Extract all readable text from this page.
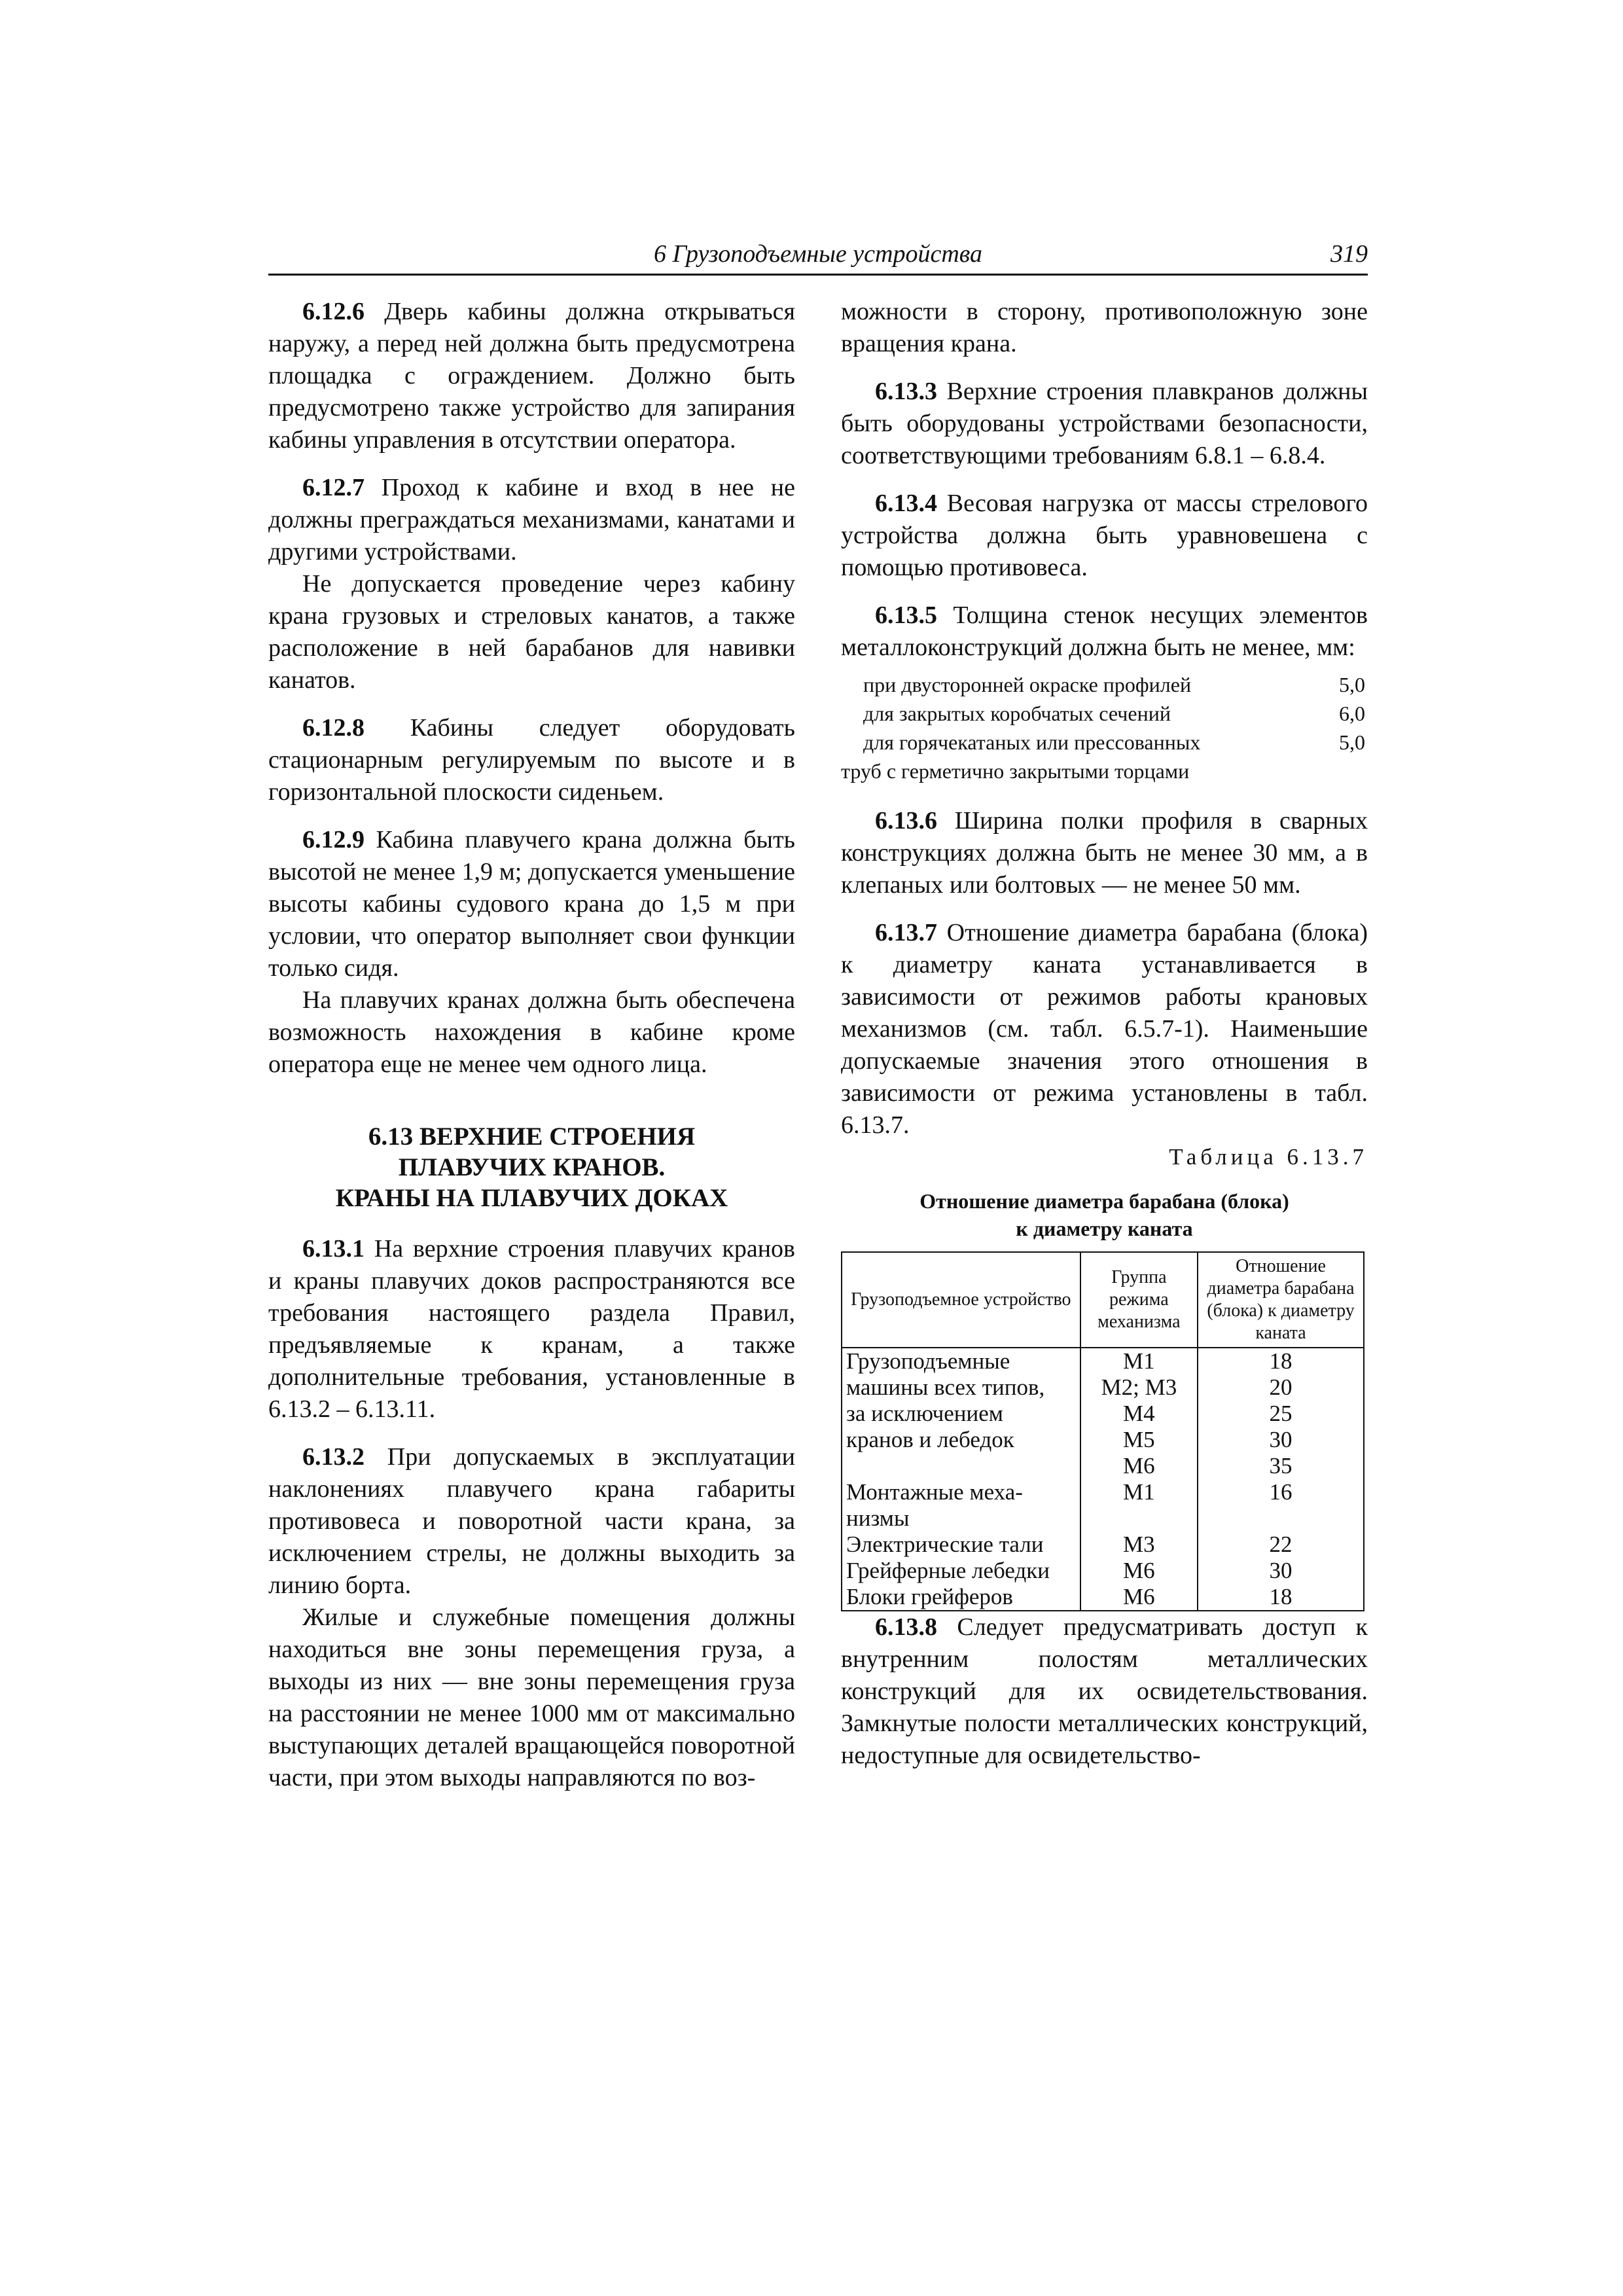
6 Грузоподъемные устройства	319

6.12.6 Дверь кабины должна открываться наружу, а перед ней должна быть предусмотрена площадка с ограждением. Должно быть предусмотрено также устройство для запирания кабины управления в отсутствии оператора.

6.12.7 Проход к кабине и вход в нее не должны преграждаться механизмами, канатами и другими устройствами.

Не допускается проведение через кабину крана грузовых и стреловых канатов, а также расположение в ней барабанов для навивки канатов.

6.12.8 Кабины следует оборудовать стационарным регулируемым по высоте и в горизонтальной плоскости сиденьем.

6.12.9 Кабина плавучего крана должна быть высотой не менее 1,9 м; допускается уменьшение высоты кабины судового крана до 1,5 м при условии, что оператор выполняет свои функции только сидя.

На плавучих кранах должна быть обеспечена возможность нахождения в кабине кроме оператора еще не менее чем одного лица.

6.13 ВЕРХНИЕ СТРОЕНИЯ
ПЛАВУЧИХ КРАНОВ.
КРАНЫ НА ПЛАВУЧИХ ДОКАХ

6.13.1 На верхние строения плавучих кранов и краны плавучих доков распространяются все требования настоящего раздела Правил, предъявляемые к кранам, а также дополнительные требования, установленные в 6.13.2 – 6.13.11.

6.13.2 При допускаемых в эксплуатации наклонениях плавучего крана габариты противовеса и поворотной части крана, за исключением стрелы, не должны выходить за линию борта.

Жилые и служебные помещения должны находиться вне зоны перемещения груза, а выходы из них — вне зоны перемещения груза на расстоянии не менее 1000 мм от максимально выступающих деталей вращающейся поворотной части, при этом выходы направляются по воз-

можности в сторону, противоположную зоне вращения крана.

6.13.3 Верхние строения плавкранов должны быть оборудованы устройствами безопасности, соответствующими требованиям 6.8.1 – 6.8.4.

6.13.4 Весовая нагрузка от массы стрелового устройства должна быть уравновешена с помощью противовеса.

6.13.5 Толщина стенок несущих элементов металлоконструкций должна быть не менее, мм:

при двусторонней окраске профилей	5,0
для закрытых коробчатых сечений	6,0
для горячекатаных или прессованных	5,0
труб с герметично закрытыми торцами

6.13.6 Ширина полки профиля в сварных конструкциях должна быть не менее 30 мм, а в клепаных или болтовых — не менее 50 мм.

6.13.7 Отношение диаметра барабана (блока) к диаметру каната устанавливается в зависимости от режимов работы крановых механизмов (см. табл. 6.5.7-1). Наименьшие допускаемые значения этого отношения в зависимости от режима установлены в табл. 6.13.7.

Таблица 6.13.7
Отношение диаметра барабана (блока)
к диаметру каната
Грузоподъемное устройство	Группа режима механизма	Отношение диаметра барабана (блока) к диаметру каната
Грузоподъемные	М1	18
машины всех типов,	М2; М3	20
за исключением	М4	25
кранов и лебедок	М5	30
	М6	35
Монтажные меха-	М1	16
низмы		
Электрические тали	М3	22
Грейферные лебедки	М6	30
Блоки грейферов	М6	18

6.13.8 Следует предусматривать доступ к внутренним полостям металлических конструкций для их освидетельствования. Замкнутые полости металлических конструкций, недоступные для освидетельство-
